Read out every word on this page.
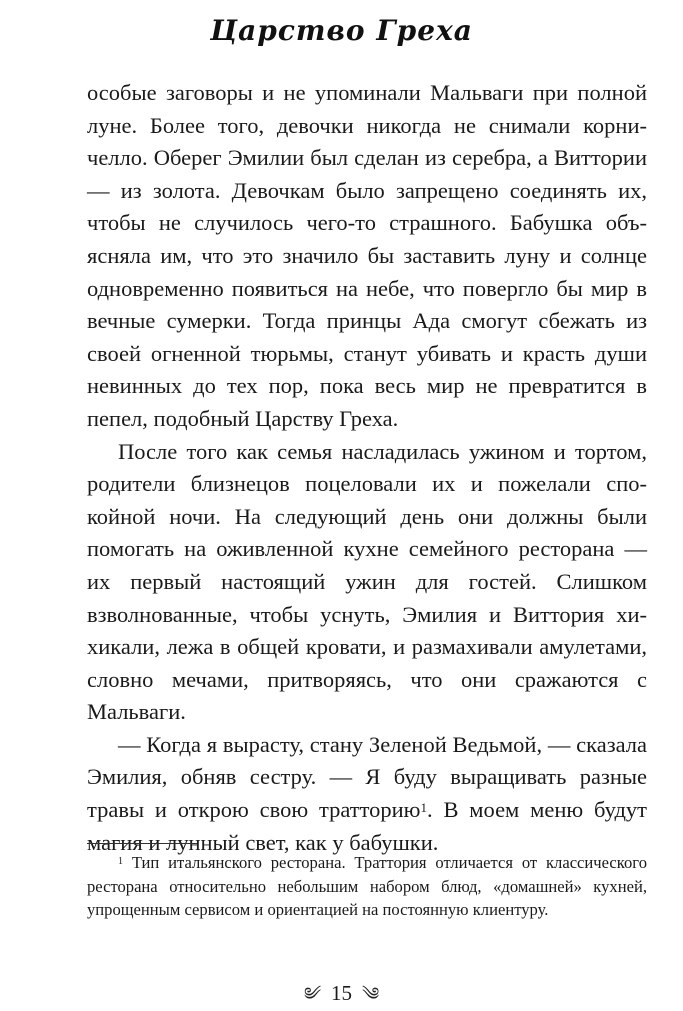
Царство Греха

особые заговоры и не упоминали Мальваги при полной луне. Более того, девочки никогда не снимали корничелло. Оберег Эмилии был сделан из серебра, а Виттории — из золота. Девочкам было запрещено соединять их, чтобы не случилось чего-то страшного. Бабушка объясняла им, что это значило бы заставить луну и солнце одновременно появиться на небе, что повергло бы мир в вечные сумерки. Тогда принцы Ада смогут сбежать из своей огненной тюрьмы, станут убивать и красть души невинных до тех пор, пока весь мир не превратится в пепел, подобный Царству Греха.

После того как семья насладилась ужином и тортом, родители близнецов поцеловали их и пожелали спокойной ночи. На следующий день они должны были помогать на оживленной кухне семейного ресторана — их первый настоящий ужин для гостей. Слишком взволнованные, чтобы уснуть, Эмилия и Виттория хихикали, лежа в общей кровати, и размахивали амулетами, словно мечами, притворяясь, что они сражаются с Мальваги.

— Когда я вырасту, стану Зеленой Ведьмой, — сказала Эмилия, обняв сестру. — Я буду выращивать разные травы и открою свою тратторию$^1$. В моем меню будут магия и лунный свет, как у бабушки.

$^1$ Тип итальянского ресторана. Траттория отличается от классического ресторана относительно небольшим набором блюд, «домашней» кухней, упрощенным сервисом и ориентацией на постоянную клиентуру.
༄ 15 ༄
